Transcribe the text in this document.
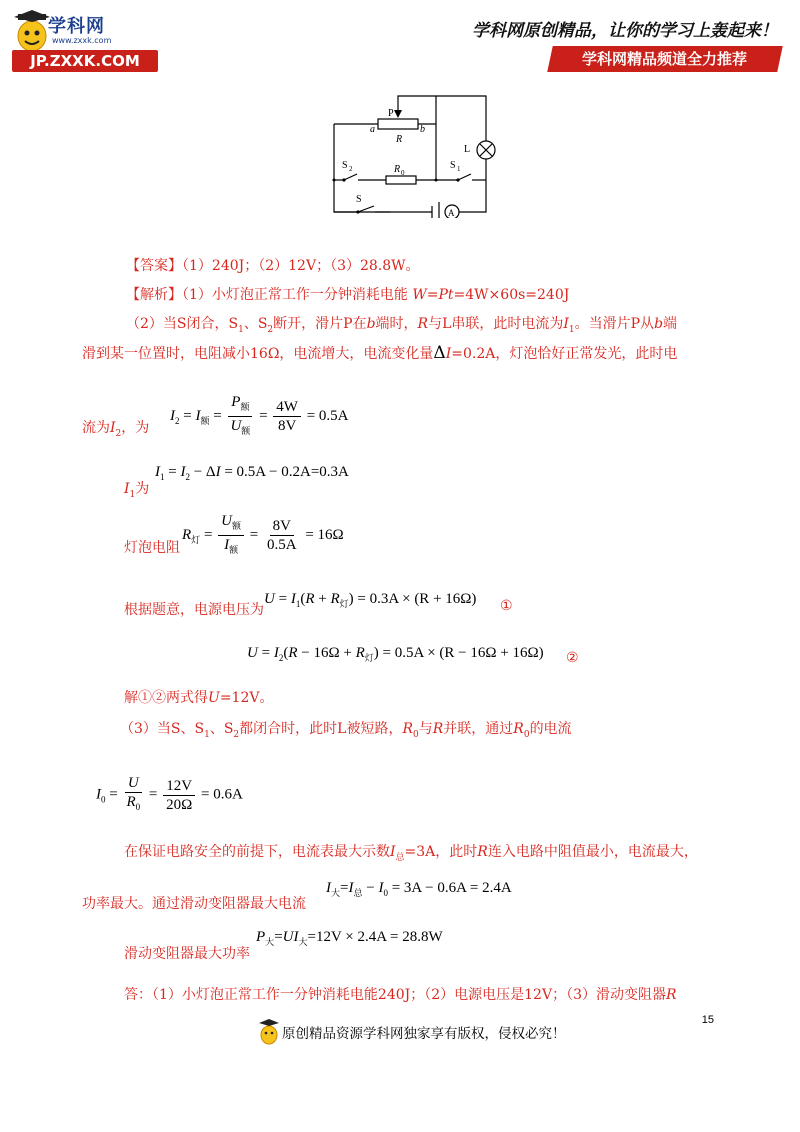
学科网
www.zxxk.com
JP.ZXXK.COM
学科网原创精品，让你的学习上轰起来！
学科网精品频道全力推荐
P
a	b
R
L
S 2	R 0
S 1
S
A
【答案】（1）240J；（2）12V；（3）28.8W。
【解析】（1）小灯泡正常工作一分钟消耗电能 W=Pt=4W×60s=240J
（2）当S闭合，$S_1$、$S_2$断开，滑片P在b端时，R与L串联，此时电流为$I_1$。当滑片P从b端
滑到某一位置时，电阻减小16Ω，电流增大，电流变化量ΔI=0.2A，灯泡恰好正常发光，此时电
流为$I_2$，为
$I_2 = I_额 = \frac{P_额}{U_额} = \frac{4W}{8V} = 0.5A$
$I_1$为
$I_1 = I_2 - \Delta I = 0.5A - 0.2A=0.3A$
灯泡电阻
$R_灯 = \frac{U_额}{I_额} = \frac{8V}{0.5A} = 16\Omega$
根据题意，电源电压为
$U = I_1(R + R_灯) = 0.3A \times (R + 16\Omega)$ ①
$U = I_2(R - 16\Omega + R_灯) = 0.5A \times (R - 16\Omega + 16\Omega)$ ②
解①②两式得U=12V。
（3）当S、$S_1$、$S_2$都闭合时，此时L被短路，$R_0$与R并联，通过$R_0$的电流
$I_0 = \frac{U}{R_0} = \frac{12V}{20\Omega} = 0.6A$
在保证电路安全的前提下，电流表最大示数$I_总=3A$，此时R连入电路中阻值最小，电流最大，
功率最大。通过滑动变阻器最大电流
$I_大=I_总 - I_0 = 3A - 0.6A = 2.4A$
滑动变阻器最大功率
$P_大=UI_大=12V \times 2.4A = 28.8W$
答：（1）小灯泡正常工作一分钟消耗电能240J；（2）电源电压是12V；（3）滑动变阻器R
15
原创精品资源学科网独家享有版权，侵权必究！
